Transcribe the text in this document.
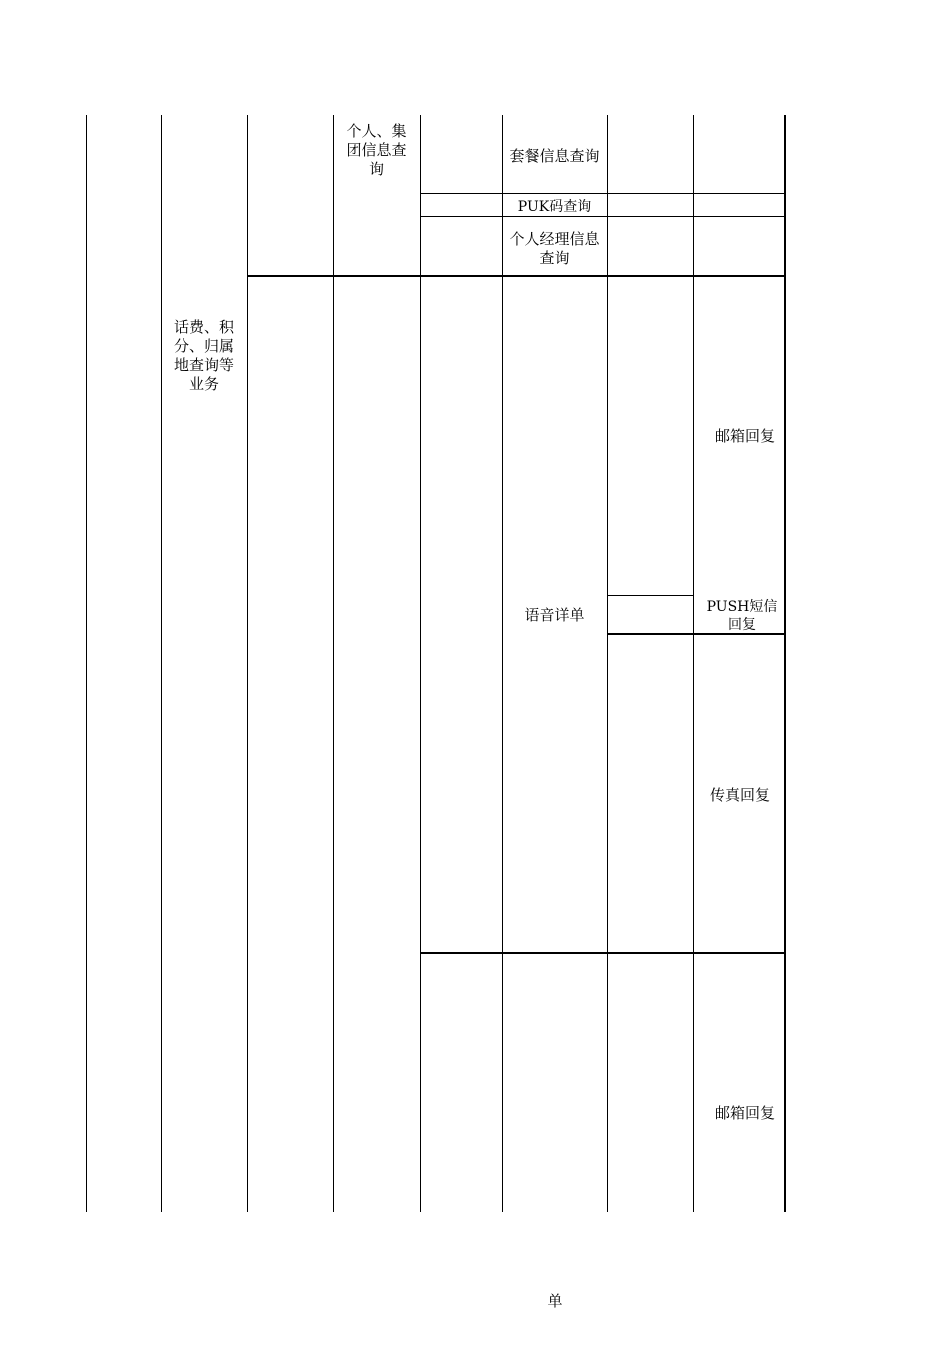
话费、积
分、归属
地查询等
业务
个人、集
团信息查
询
套餐信息查询
PUK码查询
个人经理信息
查询
语音详单
邮箱回复
PUSH短信
回复
传真回复
邮箱回复
单
